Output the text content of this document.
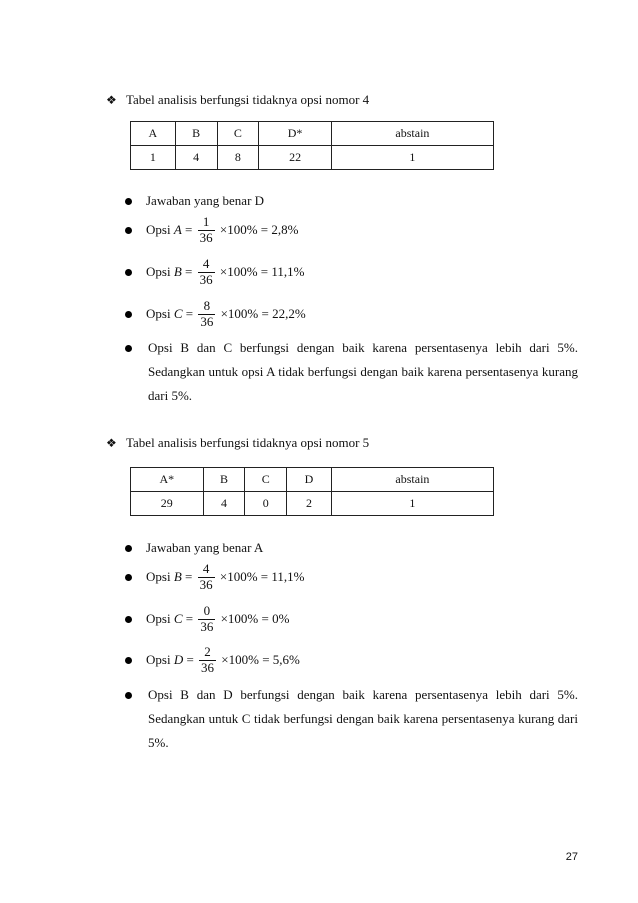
❖ Tabel analisis berfungsi tidaknya opsi nomor 4
A	B	C	D*	abstain
1	4	8	22	1
Jawaban yang benar D
Opsi $A = \frac{1}{36} \times 100\% = 2,8\%$
Opsi $B = \frac{4}{36} \times 100\% = 11,1\%$
Opsi $C = \frac{8}{36} \times 100\% = 22,2\%$
Opsi B dan C berfungsi dengan baik karena persentasenya lebih dari 5%. Sedangkan untuk opsi A tidak berfungsi dengan baik karena persentasenya kurang dari 5%.
❖ Tabel analisis berfungsi tidaknya opsi nomor 5
A*	B	C	D	abstain
29	4	0	2	1
Jawaban yang benar A
Opsi $B = \frac{4}{36} \times 100\% = 11,1\%$
Opsi $C = \frac{0}{36} \times 100\% = 0\%$
Opsi $D = \frac{2}{36} \times 100\% = 5,6\%$
Opsi B dan D berfungsi dengan baik karena persentasenya lebih dari 5%. Sedangkan untuk C tidak berfungsi dengan baik karena persentasenya kurang dari 5%.
27
